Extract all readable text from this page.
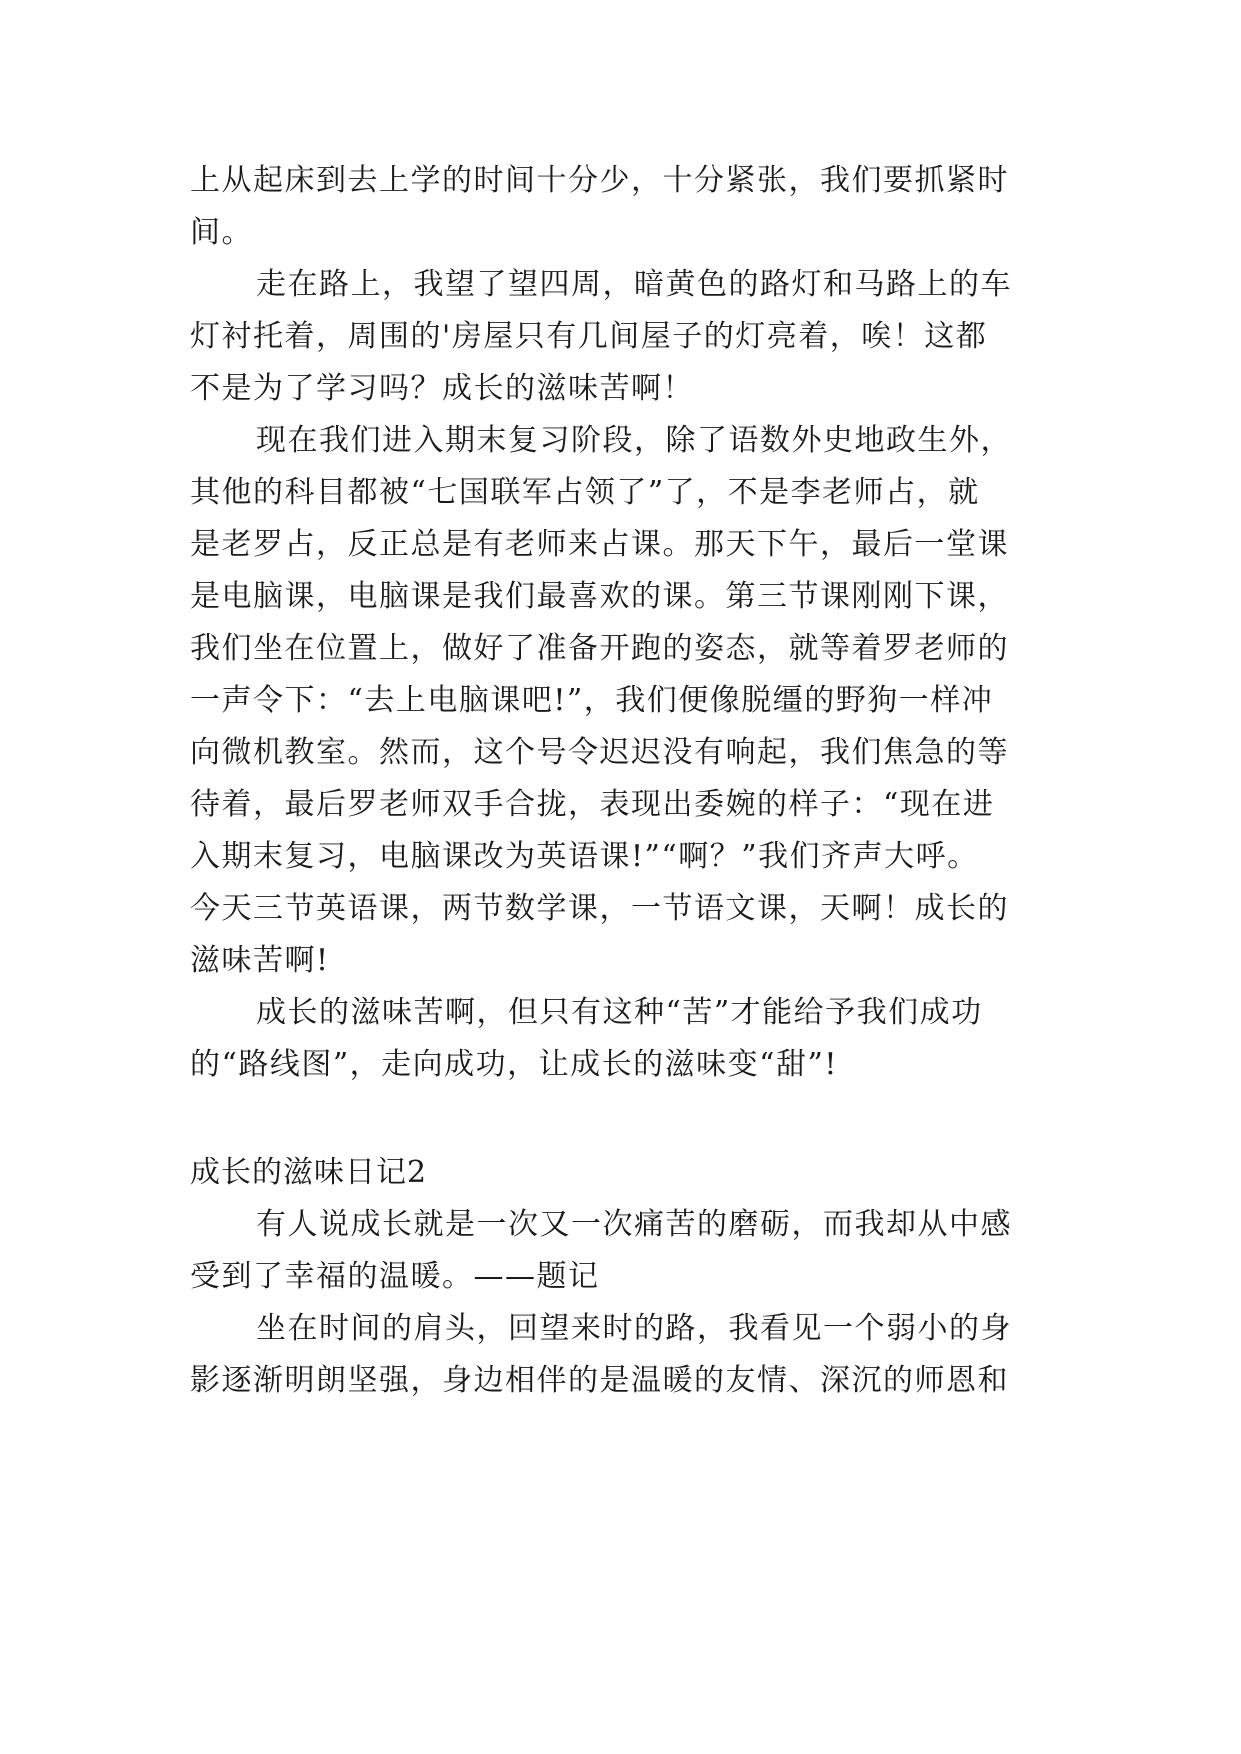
上从起床到去上学的时间十分少，十分紧张，我们要抓紧时
间。
走在路上，我望了望四周，暗黄色的路灯和马路上的车
灯衬托着，周围的'房屋只有几间屋子的灯亮着，唉！这都
不是为了学习吗？成长的滋味苦啊！
现在我们进入期末复习阶段，除了语数外史地政生外，
其他的科目都被“七国联军占领了”了，不是李老师占，就
是老罗占，反正总是有老师来占课。那天下午，最后一堂课
是电脑课，电脑课是我们最喜欢的课。第三节课刚刚下课，
我们坐在位置上，做好了准备开跑的姿态，就等着罗老师的
一声令下：“去上电脑课吧!”，我们便像脱缰的野狗一样冲
向微机教室。然而，这个号令迟迟没有响起，我们焦急的等
待着，最后罗老师双手合拢，表现出委婉的样子：“现在进
入期末复习，电脑课改为英语课!”“啊？”我们齐声大呼。
今天三节英语课，两节数学课，一节语文课，天啊！成长的
滋味苦啊!
成长的滋味苦啊，但只有这种“苦”才能给予我们成功
的“路线图”，走向成功，让成长的滋味变“甜”!
成长的滋味日记2
有人说成长就是一次又一次痛苦的磨砺，而我却从中感
受到了幸福的温暖。——题记
坐在时间的肩头，回望来时的路，我看见一个弱小的身
影逐渐明朗坚强，身边相伴的是温暖的友情、深沉的师恩和
